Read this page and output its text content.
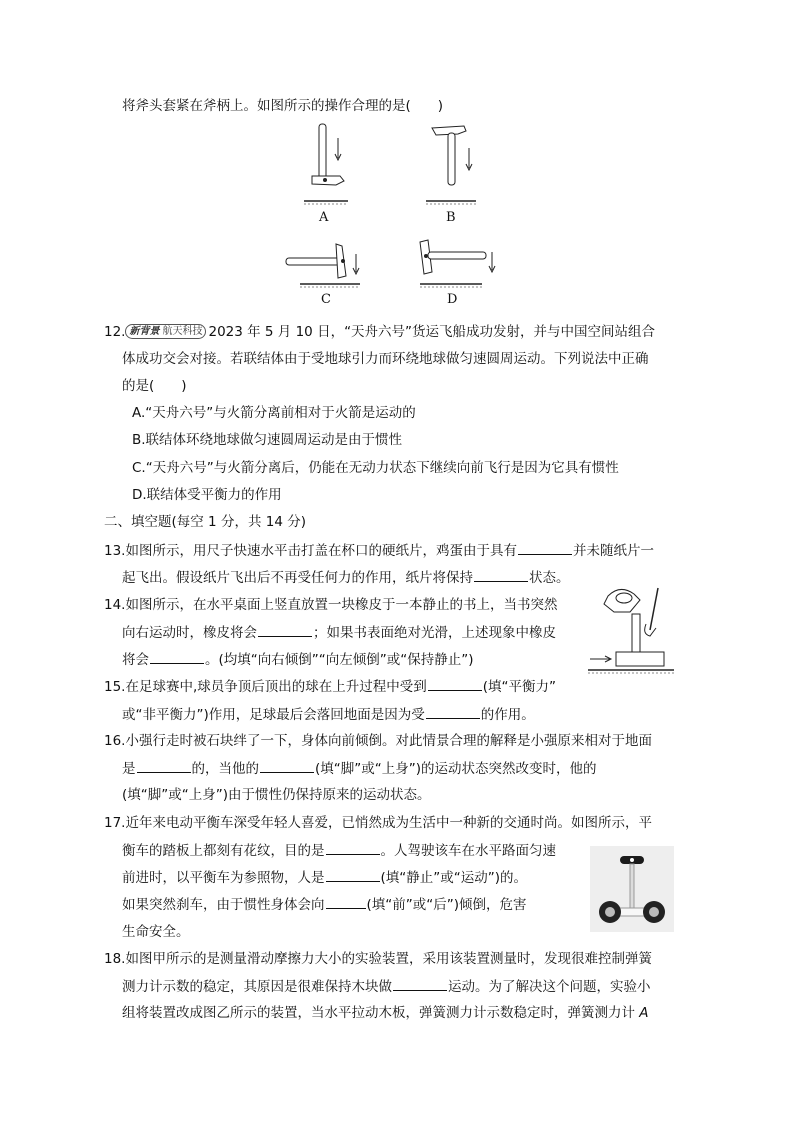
将斧头套紧在斧柄上。如图所示的操作合理的是(　　)
A	B
C	D
12. 新背景 航天科技 2023 年 5 月 10 日，“天舟六号”货运飞船成功发射，并与中国空间站组合
体成功交会对接。若联结体由于受地球引力而环绕地球做匀速圆周运动。下列说法中正确
的是(　　)
A.“天舟六号”与火箭分离前相对于火箭是运动的
B.联结体环绕地球做匀速圆周运动是由于惯性
C.“天舟六号”与火箭分离后，仍能在无动力状态下继续向前飞行是因为它具有惯性
D.联结体受平衡力的作用
二、填空题(每空 1 分，共 14 分)
13.如图所示，用尺子快速水平击打盖在杯口的硬纸片，鸡蛋由于具有	并未随纸片一
起飞出。假设纸片飞出后不再受任何力的作用，纸片将保持	状态。
14.如图所示，在水平桌面上竖直放置一块橡皮于一本静止的书上，当书突然
向右运动时，橡皮将会	；如果书表面绝对光滑，上述现象中橡皮
将会	。(均填“向右倾倒”“向左倾倒”或“保持静止”)
15.在足球赛中,球员争顶后顶出的球在上升过程中受到	(填“平衡力”
或“非平衡力”)作用，足球最后会落回地面是因为受	的作用。
16.小强行走时被石块绊了一下，身体向前倾倒。对此情景合理的解释是小强原来相对于地面
是	的，当他的	(填“脚”或“上身”)的运动状态突然改变时，他的
(填“脚”或“上身”)由于惯性仍保持原来的运动状态。
17.近年来电动平衡车深受年轻人喜爱，已悄然成为生活中一种新的交通时尚。如图所示，平
衡车的踏板上都刻有花纹，目的是	。人驾驶该车在水平路面匀速
前进时，以平衡车为参照物，人是	(填“静止”或“运动”)的。
如果突然刹车，由于惯性身体会向	(填“前”或“后”)倾倒，危害
生命安全。
18.如图甲所示的是测量滑动摩擦力大小的实验装置，采用该装置测量时，发现很难控制弹簧
测力计示数的稳定，其原因是很难保持木块做	运动。为了解决这个问题，实验小
组将装置改成图乙所示的装置，当水平拉动木板，弹簧测力计示数稳定时，弹簧测力计 A
